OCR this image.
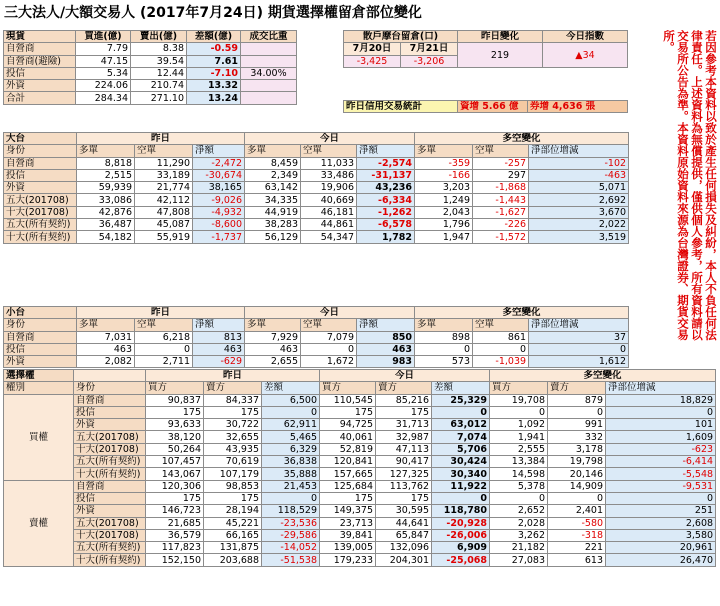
三大法人/大額交易人 (2017年7月24日) 期貨選擇權留倉部位變化
現貨	買進(億)	賣出(億)	差額(億)	成交比重
自營商	7.79	8.38	-0.59	
自營商(避險)	47.15	39.54	7.61	
投信	5.34	12.44	-7.10	34.00%
外資	224.06	210.74	13.32	
合計	284.34	271.10	13.24	
散戶摩台留倉(口)		昨日變化	今日指數
7月20日	7月21日	219	▲34
-3,425	-3,206		

昨日信用交易統計	資增 5.66 億	券增 4,636 張
大台	昨日			今日			多空變化		
身份	多單	空單	淨額	多單	空單	淨額	多單	空單	淨部位增減
自營商	8,818	11,290	-2,472	8,459	11,033	-2,574	-359	-257	-102
投信	2,515	33,189	-30,674	2,349	33,486	-31,137	-166	297	-463
外資	59,939	21,774	38,165	63,142	19,906	43,236	3,203	-1,868	5,071
五大(201708)	33,086	42,112	-9,026	34,335	40,669	-6,334	1,249	-1,443	2,692
十大(201708)	42,876	47,808	-4,932	44,919	46,181	-1,262	2,043	-1,627	3,670
五大(所有契約)	36,487	45,087	-8,600	38,283	44,861	-6,578	1,796	-226	2,022
十大(所有契約)	54,182	55,919	-1,737	56,129	54,347	1,782	1,947	-1,572	3,519
小台	昨日			今日			多空變化		
身份	多單	空單	淨額	多單	空單	淨額	多單	空單	淨部位增減
自營商	7,031	6,218	813	7,929	7,079	850	898	861	37
投信	463	0	463	463	0	463	0	0	0
外資	2,082	2,711	-629	2,655	1,672	983	573	-1,039	1,612
選擇權		昨日			今日			多空變化		
權別	身份	買方	賣方	差額	買方	賣方	差額	買方	賣方	淨部位增減
買權	自營商	90,837	84,337	6,500	110,545	85,216	25,329	19,708	879	18,829
	投信	175	175	0	175	175	0	0	0	0
	外資	93,633	30,722	62,911	94,725	31,713	63,012	1,092	991	101
	五大(201708)	38,120	32,655	5,465	40,061	32,987	7,074	1,941	332	1,609
	十大(201708)	50,264	43,935	6,329	52,819	47,113	5,706	2,555	3,178	-623
	五大(所有契約)	107,457	70,619	36,838	120,841	90,417	30,424	13,384	19,798	-6,414
	十大(所有契約)	143,067	107,179	35,888	157,665	127,325	30,340	14,598	20,146	-5,548
賣權	自營商	120,306	98,853	21,453	125,684	113,762	11,922	5,378	14,909	-9,531
	投信	175	175	0	175	175	0	0	0	0
	外資	146,723	28,194	118,529	149,375	30,595	118,780	2,652	2,401	251
	五大(201708)	21,685	45,221	-23,536	23,713	44,641	-20,928	2,028	-580	2,608
	十大(201708)	36,579	66,165	-29,586	39,841	65,847	-26,006	3,262	-318	3,580
	五大(所有契約)	117,823	131,875	-14,052	139,005	132,096	6,909	21,182	221	20,961
	十大(所有契約)	152,150	203,688	-51,538	179,233	204,301	-25,068	27,083	613	26,470
若因參考本資料以致於產生任何損失及糾紛，本人不負任何法律責任。上述資料為無償提供，僅供個人參考，所有資料請以交易所公告為準。本資料原始資料來源為台灣證券、期貨交易所。
